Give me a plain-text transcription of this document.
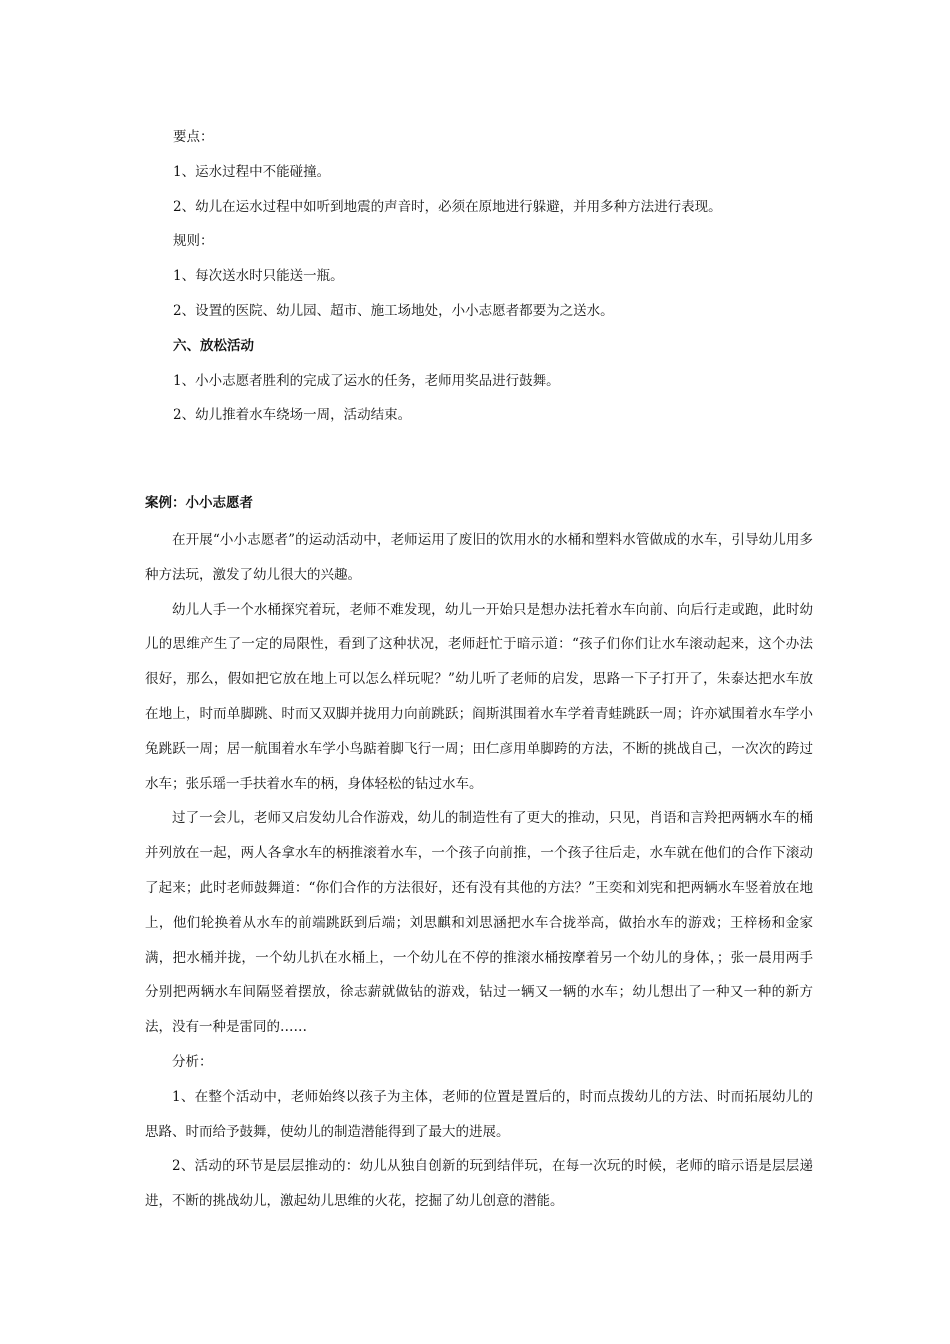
要点：
1、运水过程中不能碰撞。
2、幼儿在运水过程中如听到地震的声音时，必须在原地进行躲避，并用多种方法进行表现。
规则：
1、每次送水时只能送一瓶。
2、设置的医院、幼儿园、超市、施工场地处，小小志愿者都要为之送水。
六、放松活动
1、小小志愿者胜利的完成了运水的任务，老师用奖品进行鼓舞。
2、幼儿推着水车绕场一周，活动结束。
案例：小小志愿者

在开展“小小志愿者”的运动活动中，老师运用了废旧的饮用水的水桶和塑料水管做成的水车，引导幼儿用多种方法玩，激发了幼儿很大的兴趣。

幼儿人手一个水桶探究着玩，老师不难发现，幼儿一开始只是想办法托着水车向前、向后行走或跑，此时幼儿的思维产生了一定的局限性，看到了这种状况，老师赶忙于暗示道：“孩子们你们让水车滚动起来，这个办法很好，那么，假如把它放在地上可以怎么样玩呢？”幼儿听了老师的启发，思路一下子打开了，朱泰达把水车放在地上，时而单脚跳、时而又双脚并拢用力向前跳跃；阎斯淇围着水车学着青蛙跳跃一周；许亦斌围着水车学小兔跳跃一周；居一航围着水车学小鸟踮着脚飞行一周；田仁彦用单脚跨的方法，不断的挑战自己，一次次的跨过水车；张乐瑶一手扶着水车的柄，身体轻松的钻过水车。

过了一会儿，老师又启发幼儿合作游戏，幼儿的制造性有了更大的推动，只见，肖语和言羚把两辆水车的桶并列放在一起，两人各拿水车的柄推滚着水车，一个孩子向前推，一个孩子往后走，水车就在他们的合作下滚动了起来；此时老师鼓舞道：“你们合作的方法很好，还有没有其他的方法？”王奕和刘宪和把两辆水车竖着放在地上，他们轮换着从水车的前端跳跃到后端；刘思麒和刘思涵把水车合拢举高，做抬水车的游戏；王梓杨和金家满，把水桶并拢，一个幼儿扒在水桶上，一个幼儿在不停的推滚水桶按摩着另一个幼儿的身体，；张一晨用两手分别把两辆水车间隔竖着摆放，徐志薪就做钻的游戏，钻过一辆又一辆的水车；幼儿想出了一种又一种的新方法，没有一种是雷同的……

分析：

1、在整个活动中，老师始终以孩子为主体，老师的位置是置后的，时而点拨幼儿的方法、时而拓展幼儿的思路、时而给予鼓舞，使幼儿的制造潜能得到了最大的进展。

2、活动的环节是层层推动的：幼儿从独自创新的玩到结伴玩，在每一次玩的时候，老师的暗示语是层层递进，不断的挑战幼儿，激起幼儿思维的火花，挖掘了幼儿创意的潜能。
